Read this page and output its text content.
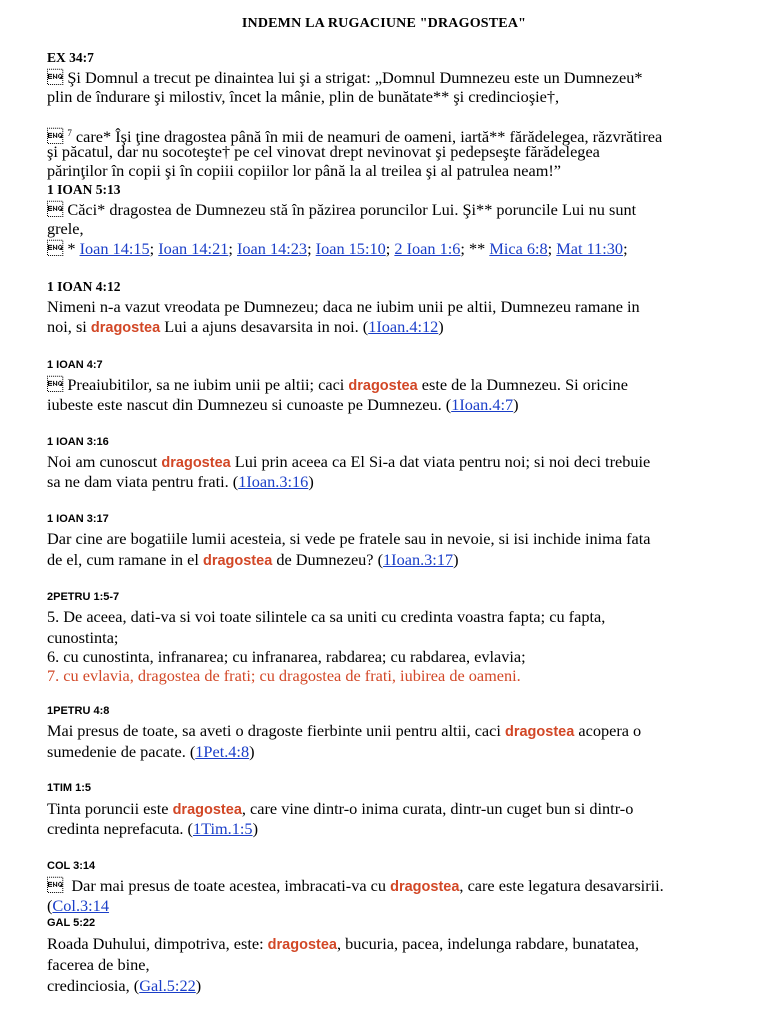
INDEMN LA RUGACIUNE "DRAGOSTEA"
EX 34:7
 Şi Domnul a trecut pe dinaintea lui şi a strigat: „Domnul Dumnezeu este un Dumnezeu*
plin de îndurare şi milostiv, încet la mânie, plin de bunătate** şi credincioşie†,
 $^7$ care* Îşi ţine dragostea până în mii de neamuri de oameni, iartă** fărădelegea, răzvrătirea
şi păcatul, dar nu socoteşte† pe cel vinovat drept nevinovat şi pedepseşte fărădelegea
părinţilor în copii şi în copiii copiilor lor până la al treilea şi al patrulea neam!”
1 IOAN 5:13
 Căci* dragostea de Dumnezeu stă în păzirea poruncilor Lui. Şi** poruncile Lui nu sunt
grele,
 * Ioan 14:15; Ioan 14:21; Ioan 14:23; Ioan 15:10; 2 Ioan 1:6; ** Mica 6:8; Mat 11:30;
1 IOAN 4:12
Nimeni n-a vazut vreodata pe Dumnezeu; daca ne iubim unii pe altii, Dumnezeu ramane in
noi, si dragostea Lui a ajuns desavarsita in noi. (1Ioan.4:12)
1 IOAN 4:7
 Preaiubitilor, sa ne iubim unii pe altii; caci dragostea este de la Dumnezeu. Si oricine
iubeste este nascut din Dumnezeu si cunoaste pe Dumnezeu. (1Ioan.4:7)
1 IOAN 3:16
Noi am cunoscut dragostea Lui prin aceea ca El Si-a dat viata pentru noi; si noi deci trebuie
sa ne dam viata pentru frati. (1Ioan.3:16)
1 IOAN 3:17
Dar cine are bogatiile lumii acesteia, si vede pe fratele sau in nevoie, si isi inchide inima fata
de el, cum ramane in el dragostea de Dumnezeu? (1Ioan.3:17)
2PETRU 1:5-7
5. De aceea, dati-va si voi toate silintele ca sa uniti cu credinta voastra fapta; cu fapta,
cunostinta;
6. cu cunostinta, infranarea; cu infranarea, rabdarea; cu rabdarea, evlavia;
7. cu evlavia, dragostea de frati; cu dragostea de frati, iubirea de oameni.
1PETRU 4:8
Mai presus de toate, sa aveti o dragoste fierbinte unii pentru altii, caci dragostea acopera o
sumedenie de pacate. (1Pet.4:8)
1TIM 1:5
Tinta poruncii este dragostea, care vine dintr-o inima curata, dintr-un cuget bun si dintr-o
credinta neprefacuta. (1Tim.1:5)
COL 3:14
  Dar mai presus de toate acestea, imbracati-va cu dragostea, care este legatura desavarsirii.
(Col.3:14
GAL 5:22
Roada Duhului, dimpotriva, este: dragostea, bucuria, pacea, indelunga rabdare, bunatatea,
facerea de bine,
credinciosia, (Gal.5:22)
